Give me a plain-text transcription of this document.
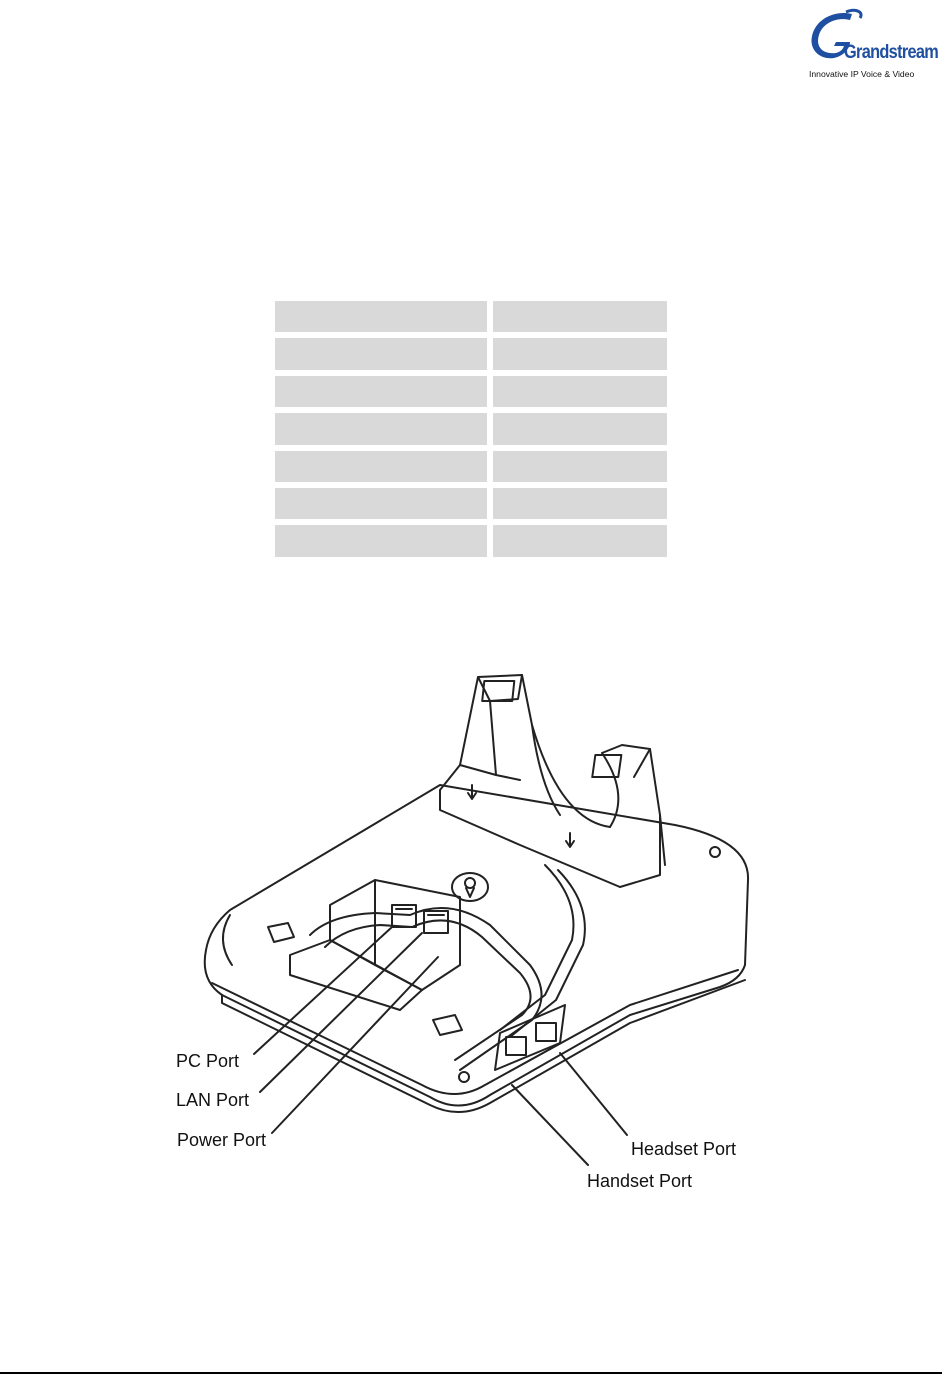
Grandstream
Innovative IP Voice & Video
PC Port
LAN Port
Power Port	Headset Port
Handset Port
